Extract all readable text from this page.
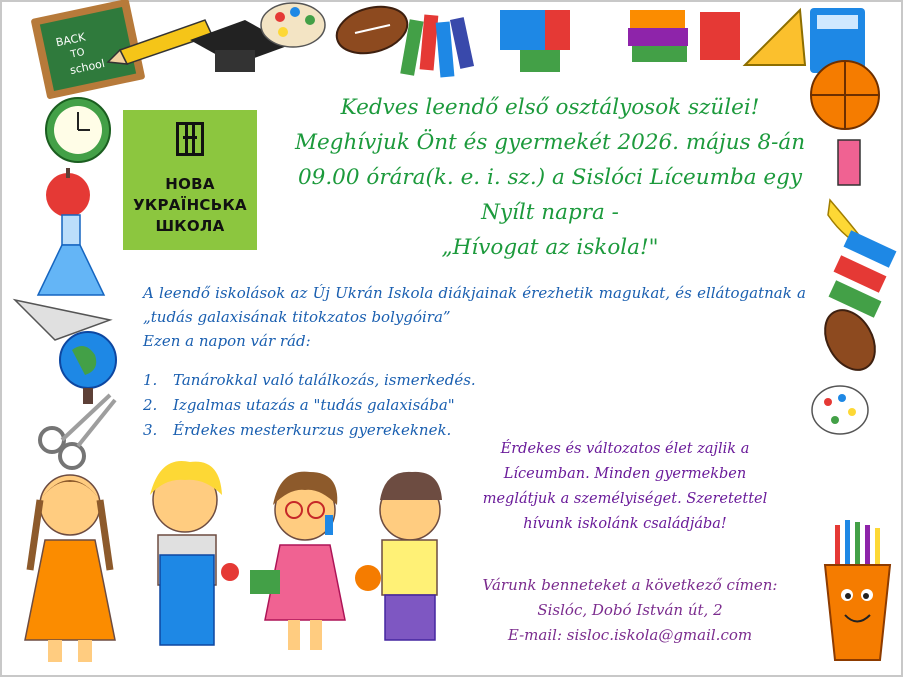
BACK
TO
school
НОВА
УКРАЇНСЬКА
ШКОЛА
Kedves leendő első osztályosok szülei!
Meghívjuk Önt és gyermekét 2026. május 8-án
09.00 órára(k. e. i. sz.) a Sislóci Líceumba egy
Nyílt napra -
„Hívogat az iskola!"
A leendő iskolások az Új Ukrán Iskola diákjainak érezhetik magukat, és ellátogatnak a „tudás galaxisának titokzatos bolygóira”
Ezen a napon vár rád:
1.	Tanárokkal való találkozás, ismerkedés.
2.	Izgalmas utazás a "tudás galaxisába"
3.	Érdekes mesterkurzus gyerekeknek.
Érdekes és változatos élet zajlik a
Líceumban. Minden gyermekben
meglátjuk a személyiséget. Szeretettel
hívunk iskolánk családjába!
Várunk benneteket a következő címen:
Sislóc, Dobó István út, 2
E-mail: sisloc.iskola@gmail.com
